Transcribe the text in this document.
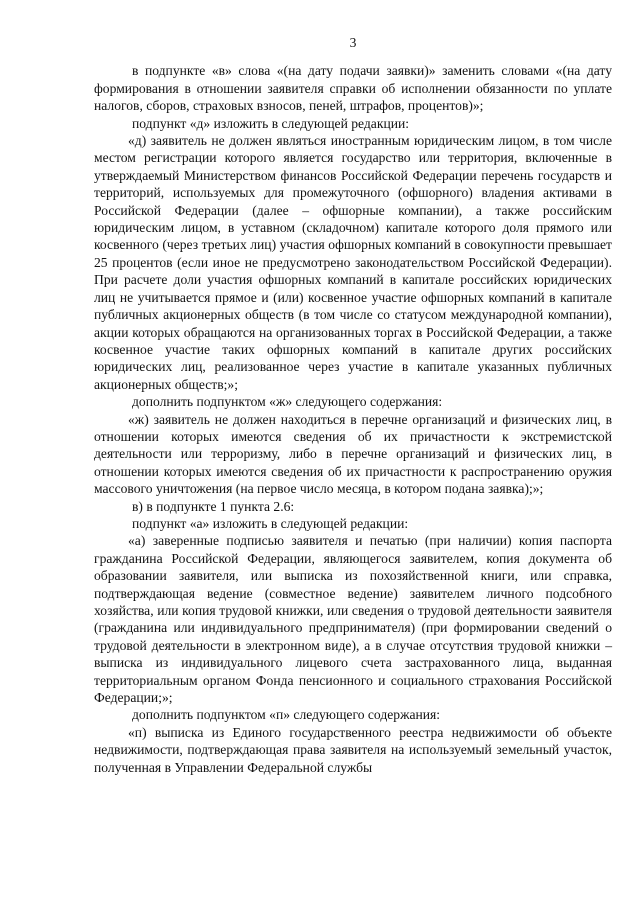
3

в подпункте «в» слова «(на дату подачи заявки)» заменить словами «(на дату формирования в отношении заявителя справки об исполнении обязанности по уплате налогов, сборов, страховых взносов, пеней, штрафов, процентов)»;

подпункт «д» изложить в следующей редакции:

«д) заявитель не должен являться иностранным юридическим лицом, в том числе местом регистрации которого является государство или территория, включенные в утверждаемый Министерством финансов Российской Федерации перечень государств и территорий, используемых для промежуточного (офшорного) владения активами в Российской Федерации (далее – офшорные компании), а также российским юридическим лицом, в уставном (складочном) капитале которого доля прямого или косвенного (через третьих лиц) участия офшорных компаний в совокупности превышает 25 процентов (если иное не предусмотрено законодательством Российской Федерации). При расчете доли участия офшорных компаний в капитале российских юридических лиц не учитывается прямое и (или) косвенное участие офшорных компаний в капитале публичных акционерных обществ (в том числе со статусом международной компании), акции которых обращаются на организованных торгах в Российской Федерации, а также косвенное участие таких офшорных компаний в капитале других российских юридических лиц, реализованное через участие в капитале указанных публичных акционерных обществ;»;

дополнить подпунктом «ж» следующего содержания:

«ж) заявитель не должен находиться в перечне организаций и физических лиц, в отношении которых имеются сведения об их причастности к экстремистской деятельности или терроризму, либо в перечне организаций и физических лиц, в отношении которых имеются сведения об их причастности к распространению оружия массового уничтожения (на первое число месяца, в котором подана заявка);»;

в) в подпункте 1 пункта 2.6:

подпункт «а» изложить в следующей редакции:

«а) заверенные подписью заявителя и печатью (при наличии) копия паспорта гражданина Российской Федерации, являющегося заявителем, копия документа об образовании заявителя, или выписка из похозяйственной книги, или справка, подтверждающая ведение (совместное ведение) заявителем личного подсобного хозяйства, или копия трудовой книжки, или сведения о трудовой деятельности заявителя (гражданина или индивидуального предпринимателя) (при формировании сведений о трудовой деятельности в электронном виде), а в случае отсутствия трудовой книжки – выписка из индивидуального лицевого счета застрахованного лица, выданная территориальным органом Фонда пенсионного и социального страхования Российской Федерации;»;

дополнить подпунктом «п» следующего содержания:

«п) выписка из Единого государственного реестра недвижимости об объекте недвижимости, подтверждающая права заявителя на используемый земельный участок, полученная в Управлении Федеральной службы
